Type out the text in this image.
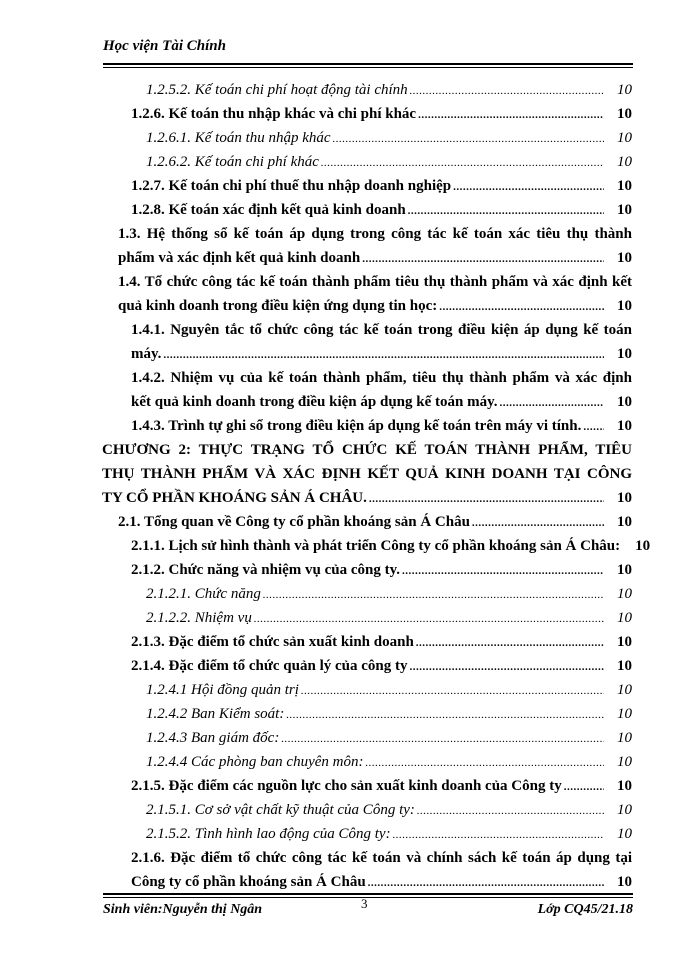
Học viện Tài Chính
1.2.5.2. Kế toán chi phí hoạt động tài chính .....	10
1.2.6. Kế toán thu nhập khác và chi phí khác .....	10
1.2.6.1. Kế toán thu nhập khác .....	10
1.2.6.2. Kế toán chi phí khác .....	10
1.2.7. Kế toán chi phí thuế thu nhập doanh nghiệp .....	10
1.2.8. Kế toán xác định kết quả kinh doanh .....	10
1.3. Hệ thống sổ kế toán áp dụng trong công tác kế toán xác tiêu thụ thành
phẩm và xác định kết quả kinh doanh .....	10
1.4. Tổ chức công tác kế toán thành phẩm tiêu thụ thành phẩm và xác định kết
quả kinh doanh trong điều kiện ứng dụng tin học: .....	10
1.4.1. Nguyên tắc tổ chức công tác kế toán trong điều kiện áp dụng kế toán
máy. .....	10
1.4.2. Nhiệm vụ của kế toán thành phẩm, tiêu thụ thành phẩm và xác định
kết quả kinh doanh trong điều kiện áp dụng kế toán máy. .....	10
1.4.3. Trình tự ghi sổ trong điều kiện áp dụng kế toán trên máy vi tính. .....	10
CHƯƠNG 2: THỰC TRẠNG TỔ CHỨC KẾ TOÁN THÀNH PHẨM, TIÊU
THỤ THÀNH PHẨM VÀ XÁC ĐỊNH KẾT QUẢ KINH DOANH TẠI CÔNG
TY CỔ PHẦN KHOÁNG SẢN Á CHÂU. .....	10
2.1. Tổng quan về Công ty cổ phần khoáng sản Á Châu .....	10
2.1.1. Lịch sử hình thành và phát triển Công ty cổ phần khoáng sản Á Châu:	10
2.1.2. Chức năng và nhiệm vụ của công ty. .....	10
2.1.2.1. Chức năng .....	10
2.1.2.2. Nhiệm vụ .....	10
2.1.3. Đặc điểm tổ chức sản xuất kinh doanh .....	10
2.1.4. Đặc điểm tổ chức quản lý của công ty .....	10
1.2.4.1 Hội đồng quản trị .....	10
1.2.4.2 Ban Kiểm soát: .....	10
1.2.4.3 Ban giám đốc: .....	10
1.2.4.4 Các phòng ban chuyên môn: .....	10
2.1.5. Đặc điểm các nguồn lực cho sản xuất kinh doanh của Công ty .....	10
2.1.5.1. Cơ sở vật chất kỹ thuật của Công ty: .....	10
2.1.5.2. Tình hình lao động của Công ty: .....	10
2.1.6. Đặc điểm tổ chức công tác kế toán và chính sách kế toán áp dụng tại
Công ty cổ phần khoáng sản Á Châu .....	10
Sinh viên:Nguyễn thị Ngân	3	Lớp CQ45/21.18
